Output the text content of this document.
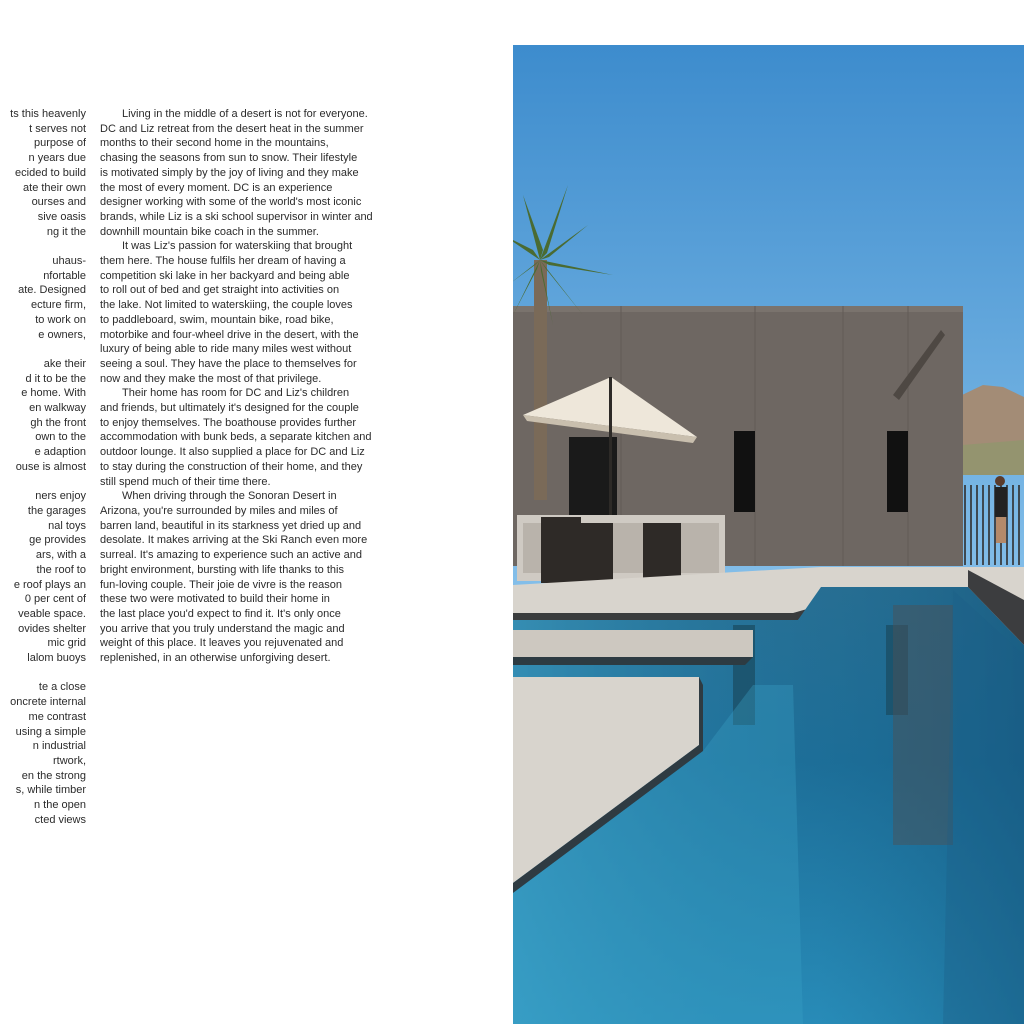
ts this heavenly
t serves not
purpose of
n years due
ecided to build
ate their own
ourses and
sive oasis
ng it the

uhaus-
nfortable
ate. Designed
ecture firm,
to work on
e owners,

ake their
d it to be the
e home. With
en walkway
gh the front
own to the
e adaption
ouse is almost

ners enjoy
the garages
nal toys
ge provides
ars, with a
the roof to
e roof plays an
0 per cent of
veable space.
ovides shelter
mic grid
lalom buoys

te a close
oncrete internal
me contrast
using a simple
n industrial
rtwork,
en the strong
s, while timber
n the open
cted views
  Living in the middle of a desert is not for everyone.
DC and Liz retreat from the desert heat in the summer
months to their second home in the mountains,
chasing the seasons from sun to snow. Their lifestyle
is motivated simply by the joy of living and they make
the most of every moment. DC is an experience
designer working with some of the world's most iconic
brands, while Liz is a ski school supervisor in winter and
downhill mountain bike coach in the summer.
  It was Liz's passion for waterskiing that brought
them here. The house fulfils her dream of having a
competition ski lake in her backyard and being able
to roll out of bed and get straight into activities on
the lake. Not limited to waterskiing, the couple loves
to paddleboard, swim, mountain bike, road bike,
motorbike and four-wheel drive in the desert, with the
luxury of being able to ride many miles west without
seeing a soul. They have the place to themselves for
now and they make the most of that privilege.
  Their home has room for DC and Liz's children
and friends, but ultimately it's designed for the couple
to enjoy themselves. The boathouse provides further
accommodation with bunk beds, a separate kitchen and
outdoor lounge. It also supplied a place for DC and Liz
to stay during the construction of their home, and they
still spend much of their time there.
  When driving through the Sonoran Desert in
Arizona, you're surrounded by miles and miles of
barren land, beautiful in its starkness yet dried up and
desolate. It makes arriving at the Ski Ranch even more
surreal. It's amazing to experience such an active and
bright environment, bursting with life thanks to this
fun-loving couple. Their joie de vivre is the reason
these two were motivated to build their home in
the last place you'd expect to find it. It's only once
you arrive that you truly understand the magic and
weight of this place. It leaves you rejuvenated and
replenished, in an otherwise unforgiving desert.
